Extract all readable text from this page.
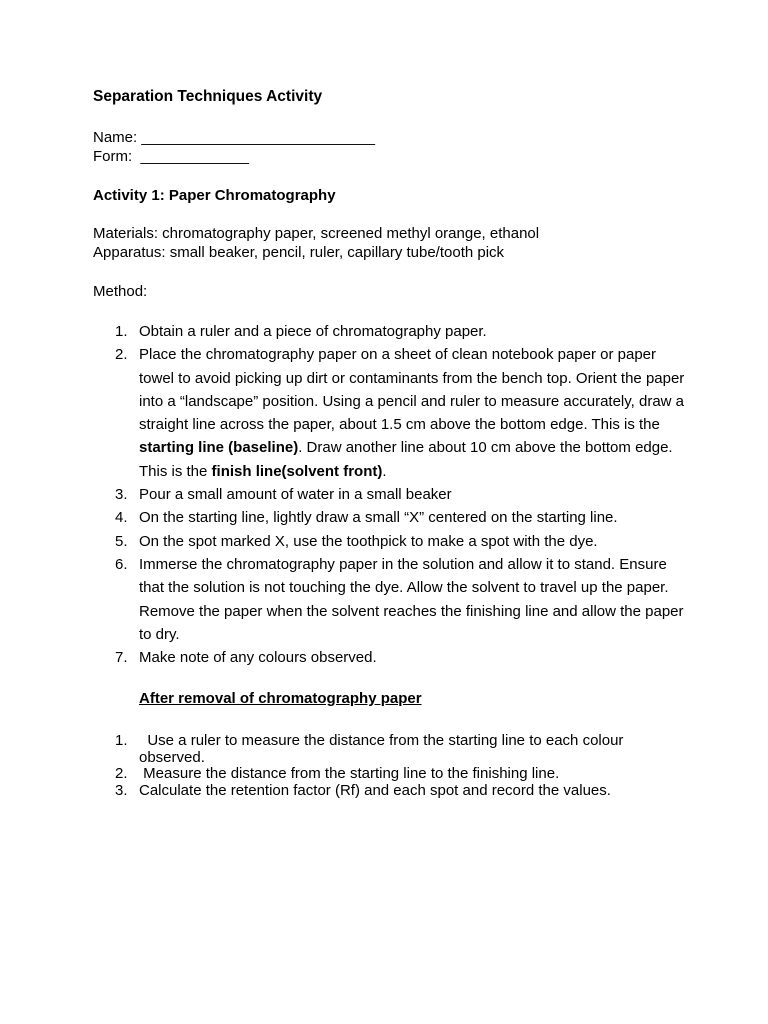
Separation Techniques Activity
Name: ____________________________
Form:  _____________
Activity 1: Paper Chromatography
Materials: chromatography paper, screened methyl orange, ethanol
Apparatus: small beaker, pencil, ruler, capillary tube/tooth pick
Method:
1. Obtain a ruler and a piece of chromatography paper.
2. Place the chromatography paper on a sheet of clean notebook paper or paper towel to avoid picking up dirt or contaminants from the bench top. Orient the paper into a “landscape” position. Using a pencil and ruler to measure accurately, draw a straight line across the paper, about 1.5 cm above the bottom edge. This is the starting line (baseline). Draw another line about 10 cm above the bottom edge. This is the finish line(solvent front).
3. Pour a small amount of water in a small beaker
4. On the starting line, lightly draw a small “X” centered on the starting line.
5. On the spot marked X, use the toothpick to make a spot with the dye.
6. Immerse the chromatography paper in the solution and allow it to stand. Ensure that the solution is not touching the dye. Allow the solvent to travel up the paper. Remove the paper when the solvent reaches the finishing line and allow the paper to dry.
7. Make note of any colours observed.
After removal of chromatography paper
1. Use a ruler to measure the distance from the starting line to each colour observed.
2. Measure the distance from the starting line to the finishing line.
3. Calculate the retention factor (Rf) and each spot and record the values.
